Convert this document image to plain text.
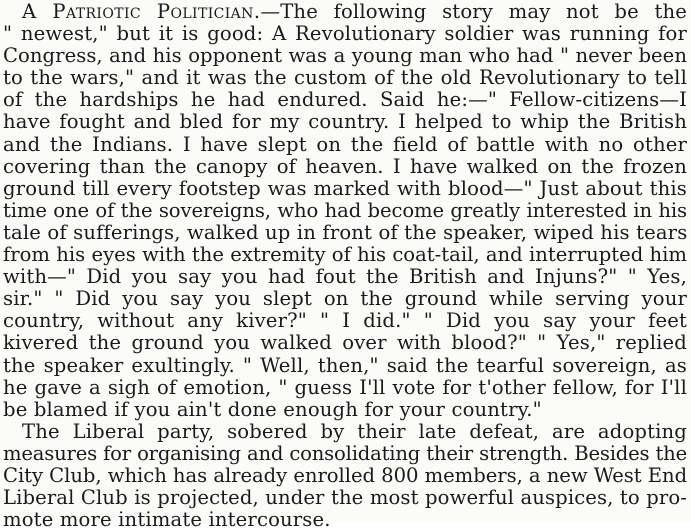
A Patriotic Politician.—The following story may not be the
" newest," but it is good: A Revolutionary soldier was running for
Congress, and his opponent was a young man who had " never been
to the wars," and it was the custom of the old Revolutionary to tell
of the hardships he had endured. Said he:—" Fellow-citizens—I
have fought and bled for my country. I helped to whip the British
and the Indians. I have slept on the field of battle with no other
covering than the canopy of heaven. I have walked on the frozen
ground till every footstep was marked with blood—" Just about this
time one of the sovereigns, who had become greatly interested in his
tale of sufferings, walked up in front of the speaker, wiped his tears
from his eyes with the extremity of his coat-tail, and interrupted him
with—" Did you say you had fout the British and Injuns?" " Yes,
sir." " Did you say you slept on the ground while serving your
country, without any kiver?" " I did." " Did you say your feet
kivered the ground you walked over with blood?" " Yes," replied
the speaker exultingly. " Well, then," said the tearful sovereign, as
he gave a sigh of emotion, " guess I'll vote for t'other fellow, for I'll
be blamed if you ain't done enough for your country."
The Liberal party, sobered by their late defeat, are adopting
measures for organising and consolidating their strength. Besides the
City Club, which has already enrolled 800 members, a new West End
Liberal Club is projected, under the most powerful auspices, to pro-
mote more intimate intercourse.
